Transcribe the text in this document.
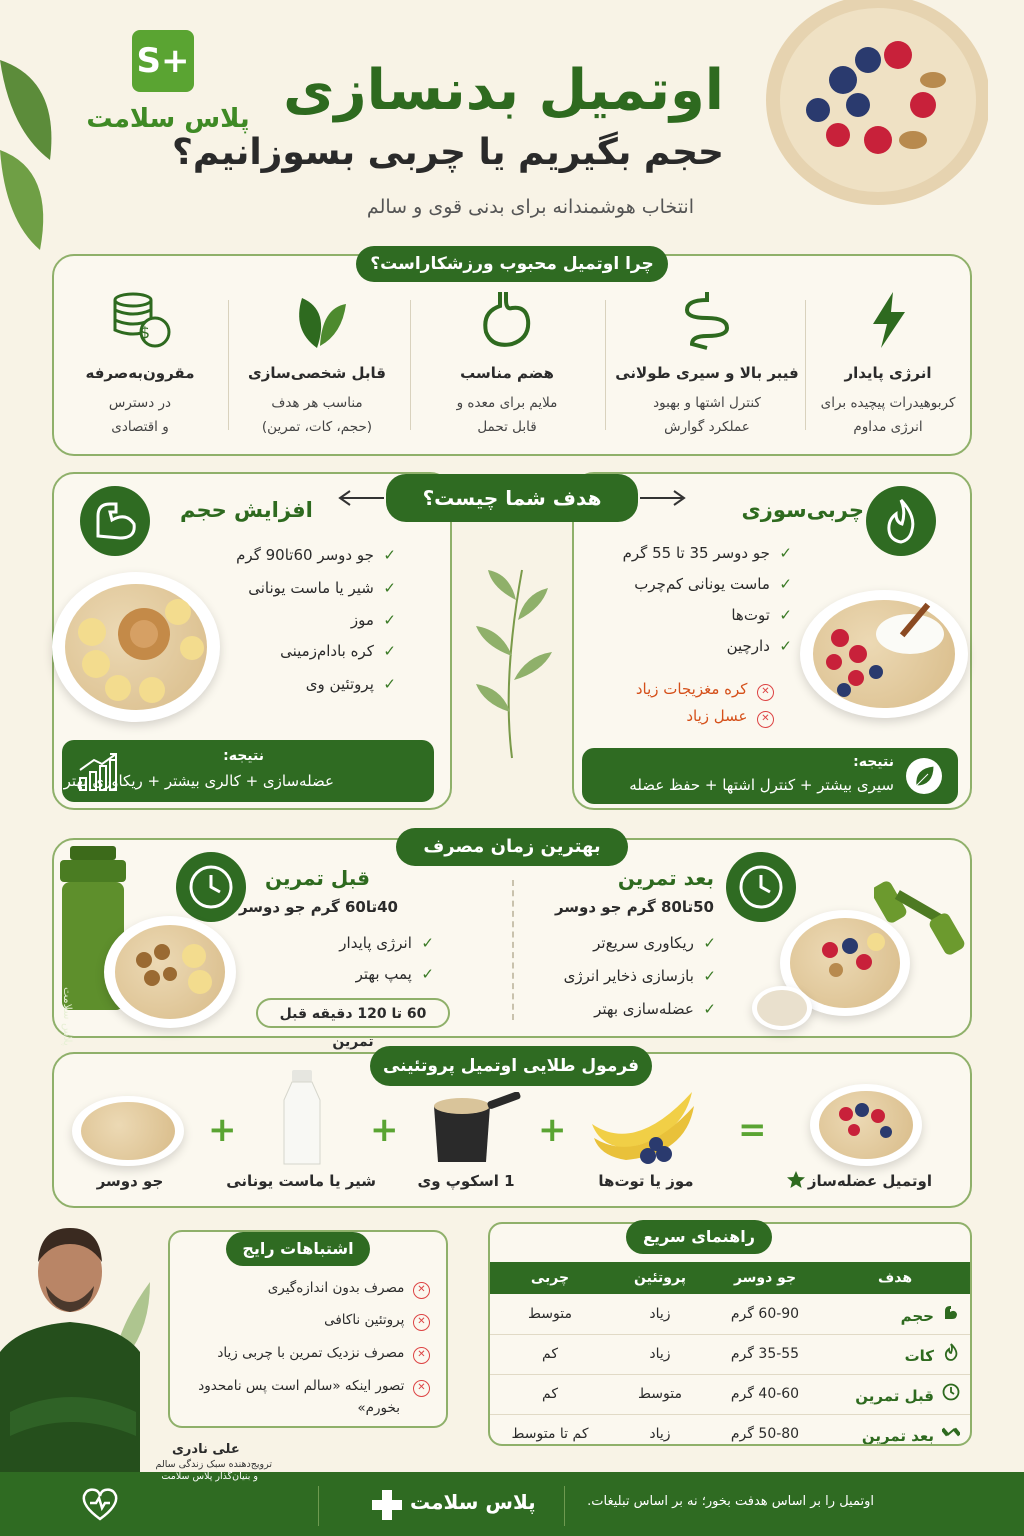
+S
پلاس سلامت اوتمیل بدنسازی
حجم بگیریم یا چربی بسوزانیم؟
انتخاب هوشمندانه برای بدنی قوی و سالم
چرا اوتمیل محبوب ورزشکاراست؟
انرژی پایدار
کربوهیدرات پیچیده برای
انرژی مداوم
فیبر بالا و سیری طولانی
کنترل اشتها و بهبود
عملکرد گوارش
هضم مناسب
ملایم برای معده و
قابل تحمل
قابل شخصی‌سازی
مناسب هر هدف
(حجم، کات، تمرین)
$
مقرون‌به‌صرفه
در دسترس
و اقتصادی
هدف شما چیست؟	چربی‌سوزی
✓  جو دوسر 35 تا 55 گرم
✓  ماست یونانی کم‌چرب
✓  توت‌ها
✓  دارچین
✕  کره مغزیجات زیاد
✕  عسل زیاد
نتیجه:
سیری بیشتر + کنترل اشتها + حفظ عضله
افزایش حجم
✓  جو دوسر 60تا90 گرم
✓  شیر یا ماست یونانی
✓  موز
✓  کره بادام‌زمینی
✓  پروتئین وی
نتیجه:
عضله‌سازی + کالری بیشتر + ریکاوری بهتر
بهترین زمان مصرف
بعد تمرین
50تا80 گرم جو دوسر
✓  ریکاوری سریع‌تر
✓  بازسازی ذخایر انرژی
✓  عضله‌سازی بهتر
قبل تمرین
40تا60 گرم جو دوسر
✓  انرژی پایدار
✓  پمپ بهتر
60 تا 120 دقیقه قبل تمرین
پلاس سلامت
فرمول طلایی اوتمیل پروتئینی
+	+	+	=
جو دوسر	شیر یا ماست یونانی	1 اسکوپ وی	موز یا توت‌ها	اوتمیل عضله‌ساز
اشتباهات رایج
✕  مصرف بدون اندازه‌گیری
✕  پروتئین ناکافی
✕  مصرف نزدیک تمرین با چربی زیاد
✕  تصور اینکه «سالم است پس نامحدود
بخورم»
علی نادری
ترویج‌دهنده سبک زندگی سالم
و بنیان‌گذار پلاس سلامت
هدف	جو دوسر	پروتئین	چربی
حجم	60-90 گرم	زیاد	متوسط
کات	35-55 گرم	زیاد	کم
قبل تمرین	40-60 گرم	متوسط	کم
بعد تمرین	50-80 گرم	زیاد	کم تا متوسط
راهنمای سریع
پلاس سلامت	اوتمیل را بر اساس هدفت بخور؛ نه بر اساس تبلیغات.
